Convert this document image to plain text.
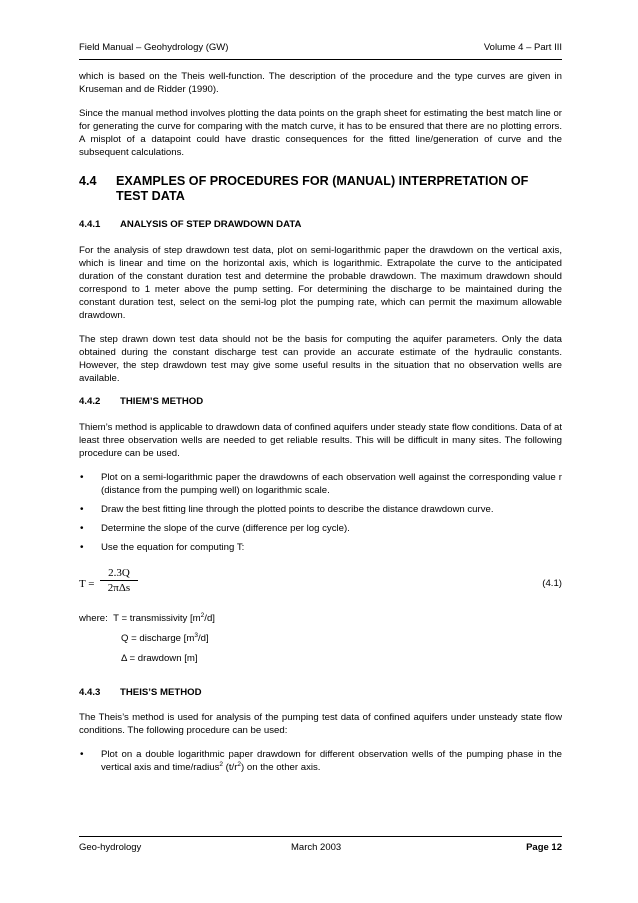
Field Manual – Geohydrology (GW)	Volume 4 – Part III

which is based on the Theis well-function. The description of the procedure and the type curves are given in Kruseman and de Ridder (1990).

Since the manual method involves plotting the data points on the graph sheet for estimating the best match line or for generating the curve for comparing with the match curve, it has to be ensured that there are no plotting errors. A misplot of a datapoint could have drastic consequences for the fitted line/generation of curve and the subsequent calculations.

4.4	EXAMPLES OF PROCEDURES FOR (MANUAL) INTERPRETATION OF TEST DATA
4.4.1	ANALYSIS OF STEP DRAWDOWN DATA

For the analysis of step drawdown test data, plot on semi-logarithmic paper the drawdown on the vertical axis, which is linear and time on the horizontal axis, which is logarithmic. Extrapolate the curve to the anticipated duration of the constant duration test and determine the probable drawdown. The maximum drawdown should correspond to 1 meter above the pump setting. For determining the discharge to be maintained during the constant duration test, select on the semi-log plot the pumping rate, which can permit the maximum allowable drawdown.

The step drawn down test data should not be the basis for computing the aquifer parameters. Only the data obtained during the constant discharge test can provide an accurate estimate of the hydraulic constants. However, the step drawdown test may give some useful results in the situation that no observation wells are available.

4.4.2	THIEM’S METHOD

Thiem’s method is applicable to drawdown data of confined aquifers under steady state flow conditions. Data of at least three observation wells are needed to get reliable results. This will be difficult in many sites. The following procedure can be used.

•	Plot on a semi-logarithmic paper the drawdowns of each observation well against the corresponding value r (distance from the pumping well) on logarithmic scale.
•	Draw the best fitting line through the plotted points to describe the distance drawdown curve.
•	Determine the slope of the curve (difference per log cycle).
•	Use the equation for computing T:
T =
2.3Q
2πΔs	(4.1)
where: T = transmissivity $[m^2/d]$
Q = discharge $[m^3/d]$
Δ = drawdown [m]
4.4.3	THEIS’S METHOD

The Theis’s method is used for analysis of the pumping test data of confined aquifers under unsteady state flow conditions. The following procedure can be used:

•	Plot on a double logarithmic paper drawdown for different observation wells of the pumping phase in the vertical axis and time/radius$^2$ $(t/r^2)$ on the other axis.
Geo-hydrology	March 2003	Page 12
